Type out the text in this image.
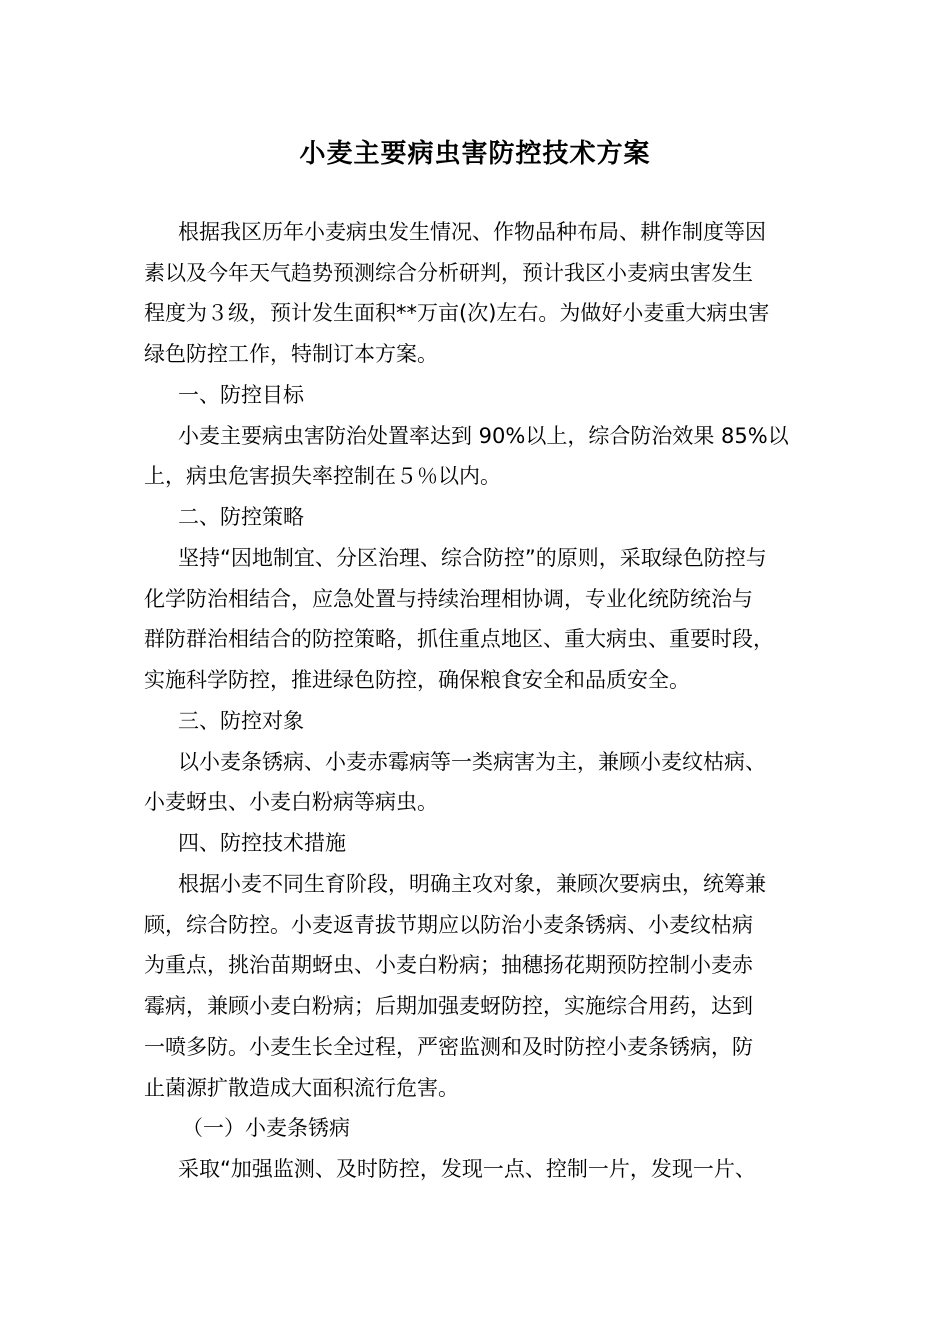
小麦主要病虫害防控技术方案
根据我区历年小麦病虫发生情况、作物品种布局、耕作制度等因
素以及今年天气趋势预测综合分析研判，预计我区小麦病虫害发生
程度为３级，预计发生面积**万亩(次)左右。为做好小麦重大病虫害
绿色防控工作，特制订本方案。
一、防控目标
小麦主要病虫害防治处置率达到 90%以上，综合防治效果 85%以
上，病虫危害损失率控制在５％以内。
二、防控策略
坚持“因地制宜、分区治理、综合防控”的原则，采取绿色防控与
化学防治相结合，应急处置与持续治理相协调，专业化统防统治与
群防群治相结合的防控策略，抓住重点地区、重大病虫、重要时段，
实施科学防控，推进绿色防控，确保粮食安全和品质安全。
三、防控对象
以小麦条锈病、小麦赤霉病等一类病害为主，兼顾小麦纹枯病、
小麦蚜虫、小麦白粉病等病虫。
四、防控技术措施
根据小麦不同生育阶段，明确主攻对象，兼顾次要病虫，统筹兼
顾，综合防控。小麦返青拔节期应以防治小麦条锈病、小麦纹枯病
为重点，挑治苗期蚜虫、小麦白粉病；抽穗扬花期预防控制小麦赤
霉病，兼顾小麦白粉病；后期加强麦蚜防控，实施综合用药，达到
一喷多防。小麦生长全过程，严密监测和及时防控小麦条锈病，防
止菌源扩散造成大面积流行危害。
（一）小麦条锈病
采取“加强监测、及时防控，发现一点、控制一片，发现一片、
